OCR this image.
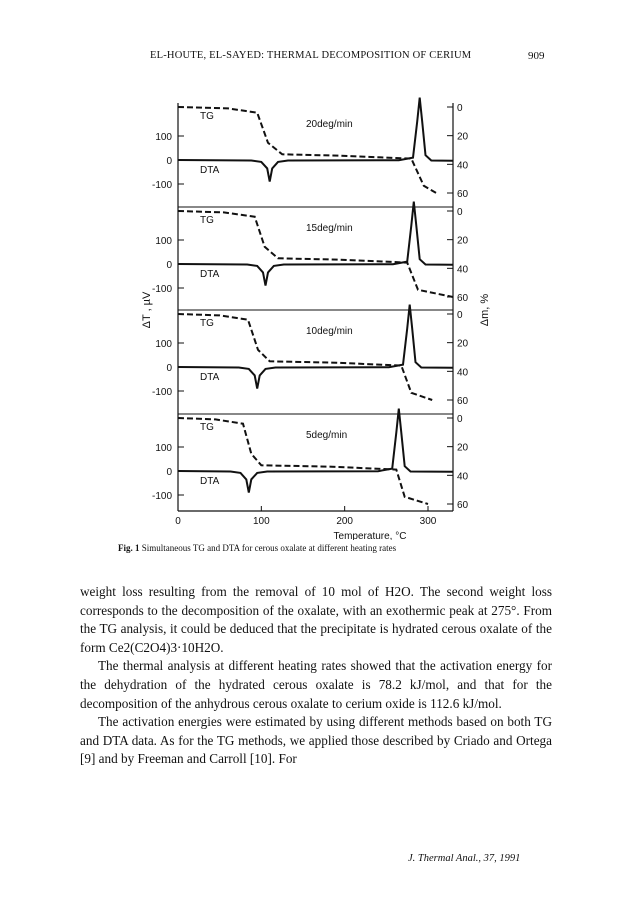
EL-HOUTE, EL-SAYED: THERMAL DECOMPOSITION OF CERIUM	909
100
0
-100
0
20
40
60
TG
DTA
20deg/min
100
0
-100
0
20
40
60
TG
DTA
15deg/min
100
0
-100
0
20
40
60
TG
DTA
10deg/min
100
0
-100
0
20
40
60
TG
DTA
5deg/min
0	100	200	300
Temperature, °C
ΔT , µV	Δm, %
Fig. 1 Simultaneous TG and DTA for cerous oxalate at different heating rates

weight loss resulting from the removal of 10 mol of H2O. The second weight loss corresponds to the decomposition of the oxalate, with an exothermic peak at 275°. From the TG analysis, it could be deduced that the precipitate is hydrated cerous oxalate of the form Ce2(C2O4)3·10H2O.

The thermal analysis at different heating rates showed that the activation energy for the dehydration of the hydrated cerous oxalate is 78.2 kJ/mol, and that for the decomposition of the anhydrous cerous oxalate to cerium oxide is 112.6 kJ/mol.

The activation energies were estimated by using different methods based on both TG and DTA data. As for the TG methods, we applied those described by Criado and Ortega [9] and by Freeman and Carroll [10]. For

J. Thermal Anal., 37, 1991
